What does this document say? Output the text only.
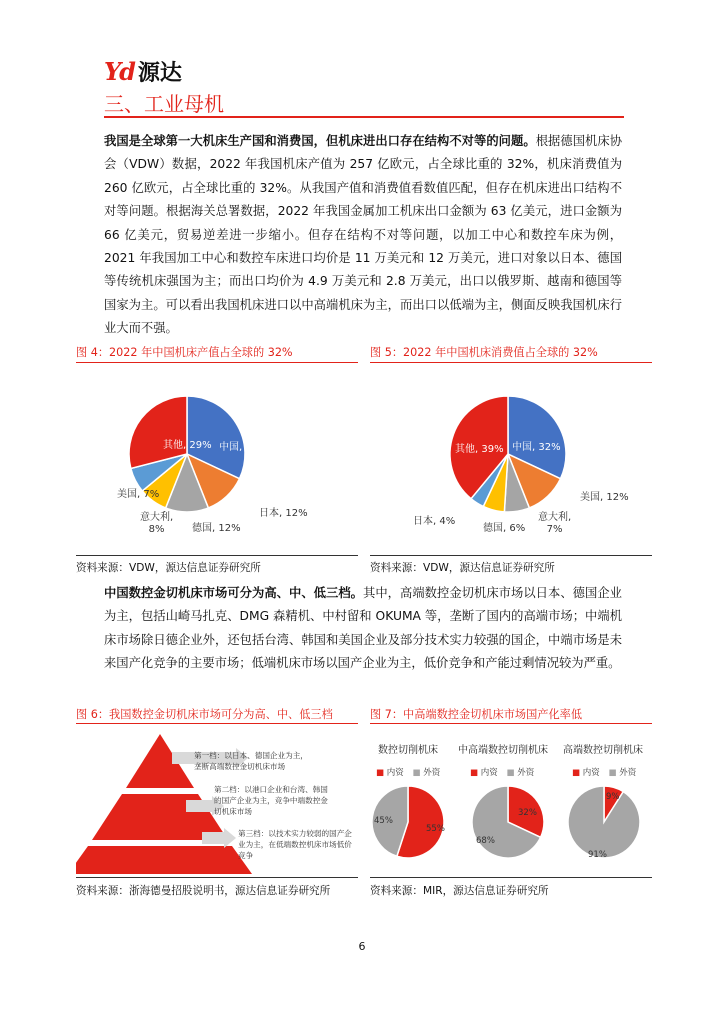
Yd 源达
三、工业母机
我国是全球第一大机床生产国和消费国，但机床进出口存在结构不对等的问题。根据德国机床协会（VDW）数据，2022 年我国机床产值为 257 亿欧元，占全球比重的 32%，机床消费值为 260 亿欧元，占全球比重的 32%。从我国产值和消费值看数值匹配，但存在机床进出口结构不对等问题。根据海关总署数据，2022 年我国金属加工机床出口金额为 63 亿美元，进口金额为 66 亿美元，贸易逆差进一步缩小。但存在结构不对等问题，以加工中心和数控车床为例，2021 年我国加工中心和数控车床进口均价是 11 万美元和 12 万美元，进口对象以日本、德国等传统机床强国为主；而出口均价为 4.9 万美元和 2.8 万美元，出口以俄罗斯、越南和德国等国家为主。可以看出我国机床进口以中高端机床为主，而出口以低端为主，侧面反映我国机床行业大而不强。
图 4：2022 年中国机床产值占全球的 32%	图 5：2022 年中国机床消费值占全球的 32%
中国, 32%
日本, 12%
德国, 12%
意大利,
8%
美国, 7%
其他, 29%	中国, 32%
美国, 12%
意大利,
7%
德国, 6%
日本, 4%
其他, 39%
资料来源：VDW，源达信息证券研究所	资料来源：VDW，源达信息证券研究所
中国数控金切机床市场可分为高、中、低三档。其中，高端数控金切机床市场以日本、德国企业为主，包括山崎马扎克、DMG 森精机、中村留和 OKUMA 等，垄断了国内的高端市场；中端机床市场除日德企业外，还包括台湾、韩国和美国企业及部分技术实力较强的国企，中端市场是未来国产化竞争的主要市场；低端机床市场以国产企业为主，低价竞争和产能过剩情况较为严重。
图 6：我国数控金切机床市场可分为高、中、低三档	图 7：中高端数控金切机床市场国产化率低
第一档：以日本、德国企业为主，垄断高端数控金切机床市场
第二档：以港口企业和台湾、韩国的国产企业为主，竞争中端数控金切机床市场
第三档：以技术实力较弱的国产企业为主，在低端数控机床市场低价竞争
数控切削机床 中高端数控切削机床 高端数控切削机床
■ 内资 ■ 外资	■ 内资 ■ 外资	■ 内资 ■ 外资
45%
55%
68%
32%
91%
9%
资料来源：浙海德曼招股说明书，源达信息证券研究所	资料来源：MIR，源达信息证券研究所
6
